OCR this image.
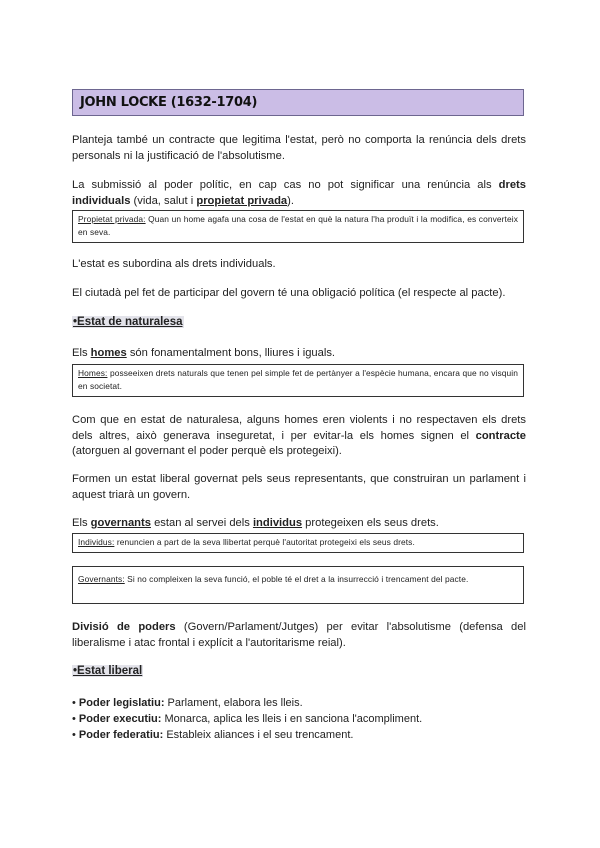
JOHN LOCKE (1632-1704)
Planteja també un contracte que legitima l'estat, però no comporta la renúncia dels drets personals ni la justificació de l'absolutisme.
La submissió al poder polític, en cap cas no pot significar una renúncia als drets individuals (vida, salut i propietat privada).
Propietat privada: Quan un home agafa una cosa de l'estat en què la natura l'ha produït i la modifica, es converteix en seva.
L'estat es subordina als drets individuals.
El ciutadà pel fet de participar del govern té una obligació política (el respecte al pacte).
•Estat de naturalesa
Els homes són fonamentalment bons, lliures i iguals.
Homes: posseeixen drets naturals que tenen pel simple fet de pertànyer a l'espècie humana, encara que no visquin en societat.
Com que en estat de naturalesa, alguns homes eren violents i no respectaven els drets dels altres, això generava inseguretat, i per evitar-la els homes signen el contracte (atorguen al governant el poder perquè els protegeixi).
Formen un estat liberal governat pels seus representants, que construiran un parlament i aquest triarà un govern.
Els governants estan al servei dels individus protegeixen els seus drets.
Individus: renuncien a part de la seva llibertat perquè l'autoritat protegeixi els seus drets.
Governants: Si no compleixen la seva funció, el poble té el dret a la insurrecció i trencament del pacte.
Divisió de poders (Govern/Parlament/Jutges) per evitar l'absolutisme (defensa del liberalisme i atac frontal i explícit a l'autoritarisme reial).
•Estat liberal
• Poder legislatiu: Parlament, elabora les lleis.
• Poder executiu: Monarca, aplica les lleis i en sanciona l'acompliment.
• Poder federatiu: Estableix aliances i el seu trencament.
